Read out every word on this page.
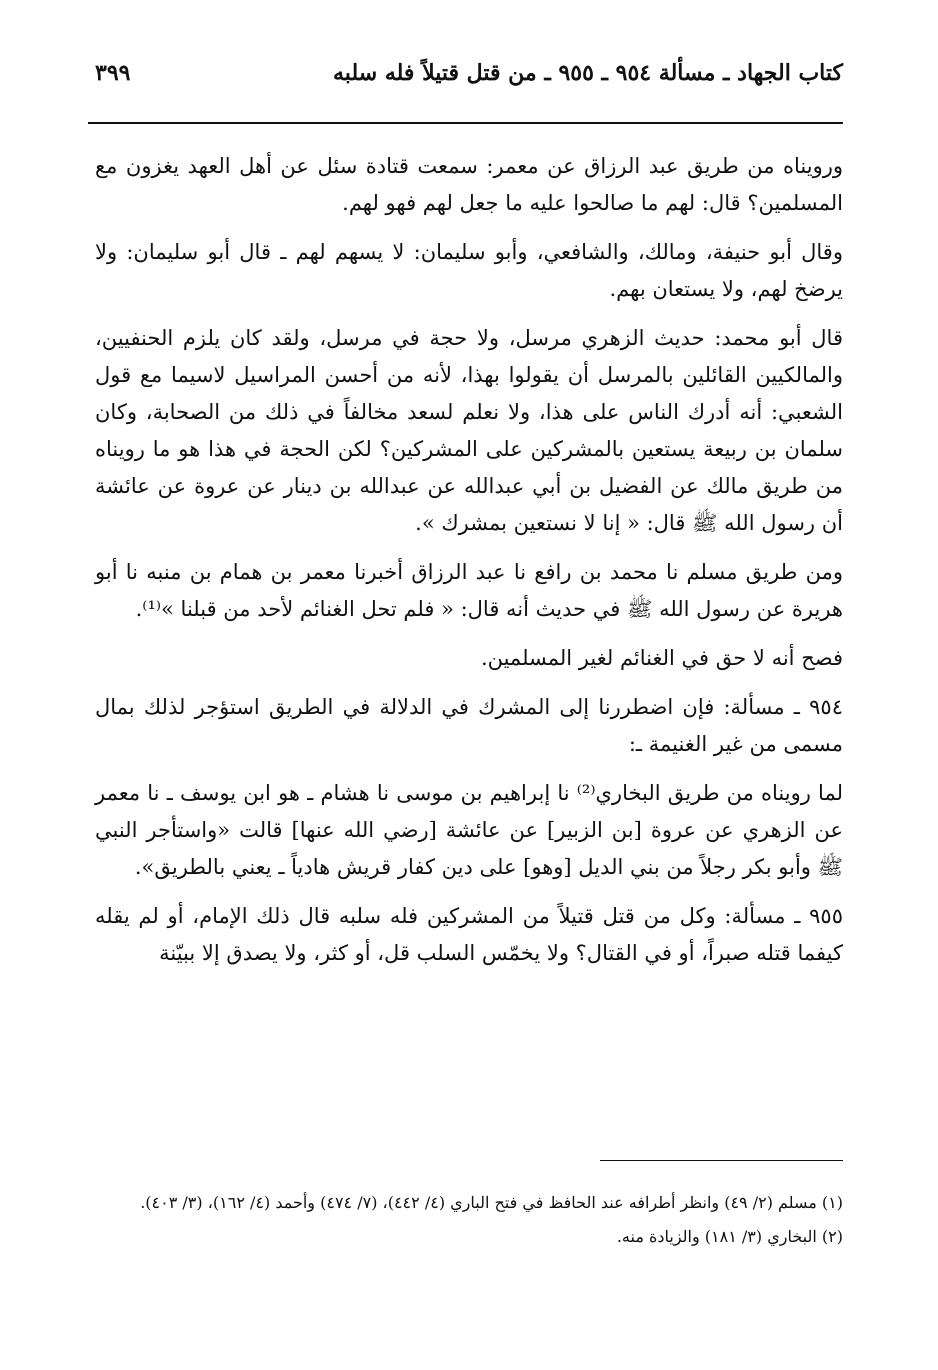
كتاب الجهاد ـ مسألة ٩٥٤ ـ ٩٥٥ ـ من قتل قتيلاً فله سلبه
٣٩٩

ورويناه من طريق عبد الرزاق عن معمر: سمعت قتادة سئل عن أهل العهد يغزون مع المسلمين؟ قال: لهم ما صالحوا عليه ما جعل لهم فهو لهم.

وقال أبو حنيفة، ومالك، والشافعي، وأبو سليمان: لا يسهم لهم ـ قال أبو سليمان: ولا يرضخ لهم، ولا يستعان بهم.

قال أبو محمد: حديث الزهري مرسل، ولا حجة في مرسل، ولقد كان يلزم الحنفيين، والمالكيين القائلين بالمرسل أن يقولوا بهذا، لأنه من أحسن المراسيل لاسيما مع قول الشعبي: أنه أدرك الناس على هذا، ولا نعلم لسعد مخالفاً في ذلك من الصحابة، وكان سلمان بن ربيعة يستعين بالمشركين على المشركين؟ لكن الحجة في هذا هو ما رويناه من طريق مالك عن الفضيل بن أبي عبدالله عن عبدالله بن دينار عن عروة عن عائشة أن رسول الله ﷺ قال: « إنا لا نستعين بمشرك ».

ومن طريق مسلم نا محمد بن رافع نا عبد الرزاق أخبرنا معمر بن همام بن منبه نا أبو هريرة عن رسول الله ﷺ في حديث أنه قال: « فلم تحل الغنائم لأحد من قبلنا »⁽¹⁾.

فصح أنه لا حق في الغنائم لغير المسلمين.

٩٥٤ ـ مسألة: فإن اضطررنا إلى المشرك في الدلالة في الطريق استؤجر لذلك بمال مسمى من غير الغنيمة ـ:

لما رويناه من طريق البخاري⁽²⁾ نا إبراهيم بن موسى نا هشام ـ هو ابن يوسف ـ نا معمر عن الزهري عن عروة [بن الزبير] عن عائشة [رضي الله عنها] قالت «واستأجر النبي ﷺ وأبو بكر رجلاً من بني الديل [وهو] على دين كفار قريش هادياً ـ يعني بالطريق».

٩٥٥ ـ مسألة: وكل من قتل قتيلاً من المشركين فله سلبه قال ذلك الإمام، أو لم يقله كيفما قتله صبراً، أو في القتال؟ ولا يخمّس السلب قل، أو كثر، ولا يصدق إلا ببيّنة

(١) مسلم (٢/ ٤٩) وانظر أطرافه عند الحافظ في فتح الباري (٤/ ٤٤٢)، (٧/ ٤٧٤) وأحمد (٤/ ١٦٢)، (٣/ ٤٠٣).

(٢) البخاري (٣/ ١٨١) والزيادة منه.
